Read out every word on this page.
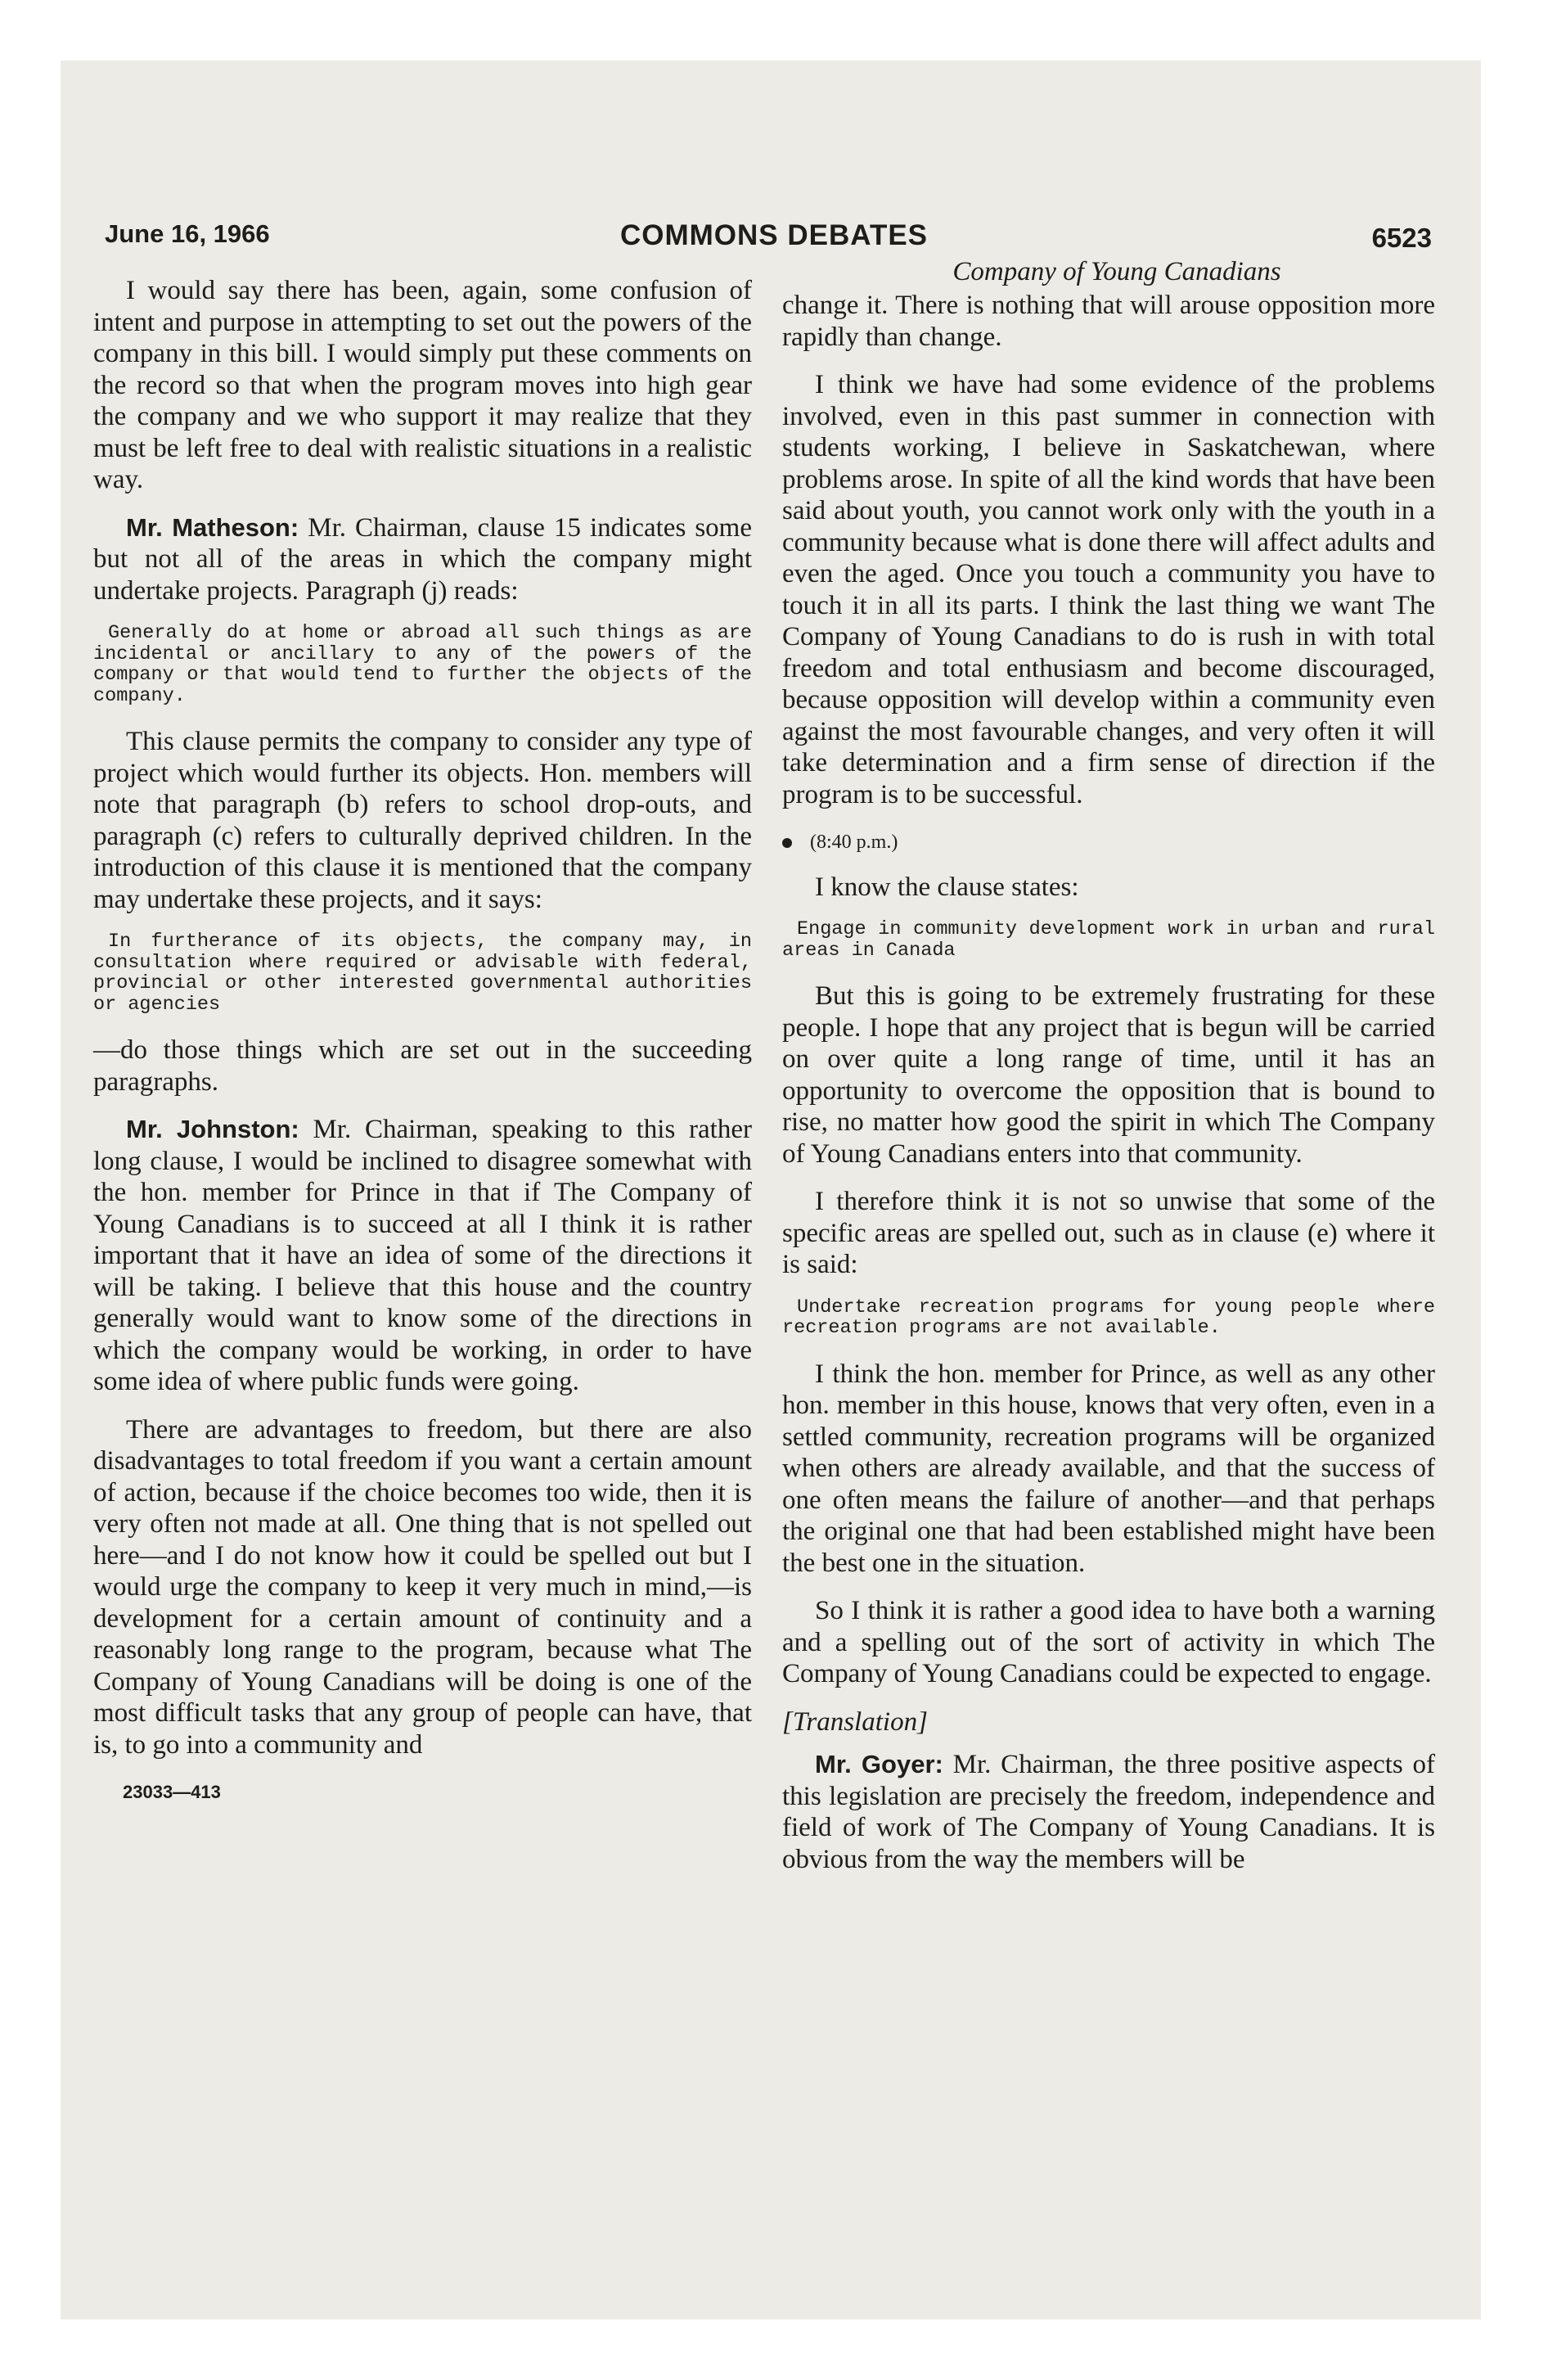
June 16, 1966	COMMONS DEBATES	6523

I would say there has been, again, some confusion of intent and purpose in attempting to set out the powers of the company in this bill. I would simply put these comments on the record so that when the program moves into high gear the company and we who support it may realize that they must be left free to deal with realistic situations in a realistic way.

Mr. Matheson: Mr. Chairman, clause 15 indicates some but not all of the areas in which the company might undertake projects. Paragraph (j) reads:

Generally do at home or abroad all such things as are incidental or ancillary to any of the powers of the company or that would tend to further the objects of the company.

This clause permits the company to consider any type of project which would further its objects. Hon. members will note that paragraph (b) refers to school drop-outs, and paragraph (c) refers to culturally deprived children. In the introduction of this clause it is mentioned that the company may undertake these projects, and it says:

In furtherance of its objects, the company may, in consultation where required or advisable with federal, provincial or other interested governmental authorities or agencies

—do those things which are set out in the succeeding paragraphs.

Mr. Johnston: Mr. Chairman, speaking to this rather long clause, I would be inclined to disagree somewhat with the hon. member for Prince in that if The Company of Young Canadians is to succeed at all I think it is rather important that it have an idea of some of the directions it will be taking. I believe that this house and the country generally would want to know some of the directions in which the company would be working, in order to have some idea of where public funds were going.

There are advantages to freedom, but there are also disadvantages to total freedom if you want a certain amount of action, because if the choice becomes too wide, then it is very often not made at all. One thing that is not spelled out here—and I do not know how it could be spelled out but I would urge the company to keep it very much in mind,—is development for a certain amount of continuity and a reasonably long range to the program, because what The Company of Young Canadians will be doing is one of the most difficult tasks that any group of people can have, that is, to go into a community and

23033—413

Company of Young Canadians

change it. There is nothing that will arouse opposition more rapidly than change.

I think we have had some evidence of the problems involved, even in this past summer in connection with students working, I believe in Saskatchewan, where problems arose. In spite of all the kind words that have been said about youth, you cannot work only with the youth in a community because what is done there will affect adults and even the aged. Once you touch a community you have to touch it in all its parts. I think the last thing we want The Company of Young Canadians to do is rush in with total freedom and total enthusiasm and become discouraged, because opposition will develop within a community even against the most favourable changes, and very often it will take determination and a firm sense of direction if the program is to be successful.

(8:40 p.m.)

I know the clause states:

Engage in community development work in urban and rural areas in Canada

But this is going to be extremely frustrating for these people. I hope that any project that is begun will be carried on over quite a long range of time, until it has an opportunity to overcome the opposition that is bound to rise, no matter how good the spirit in which The Company of Young Canadians enters into that community.

I therefore think it is not so unwise that some of the specific areas are spelled out, such as in clause (e) where it is said:

Undertake recreation programs for young people where recreation programs are not available.

I think the hon. member for Prince, as well as any other hon. member in this house, knows that very often, even in a settled community, recreation programs will be organized when others are already available, and that the success of one often means the failure of another—and that perhaps the original one that had been established might have been the best one in the situation.

So I think it is rather a good idea to have both a warning and a spelling out of the sort of activity in which The Company of Young Canadians could be expected to engage.

[Translation]

Mr. Goyer: Mr. Chairman, the three positive aspects of this legislation are precisely the freedom, independence and field of work of The Company of Young Canadians. It is obvious from the way the members will be
